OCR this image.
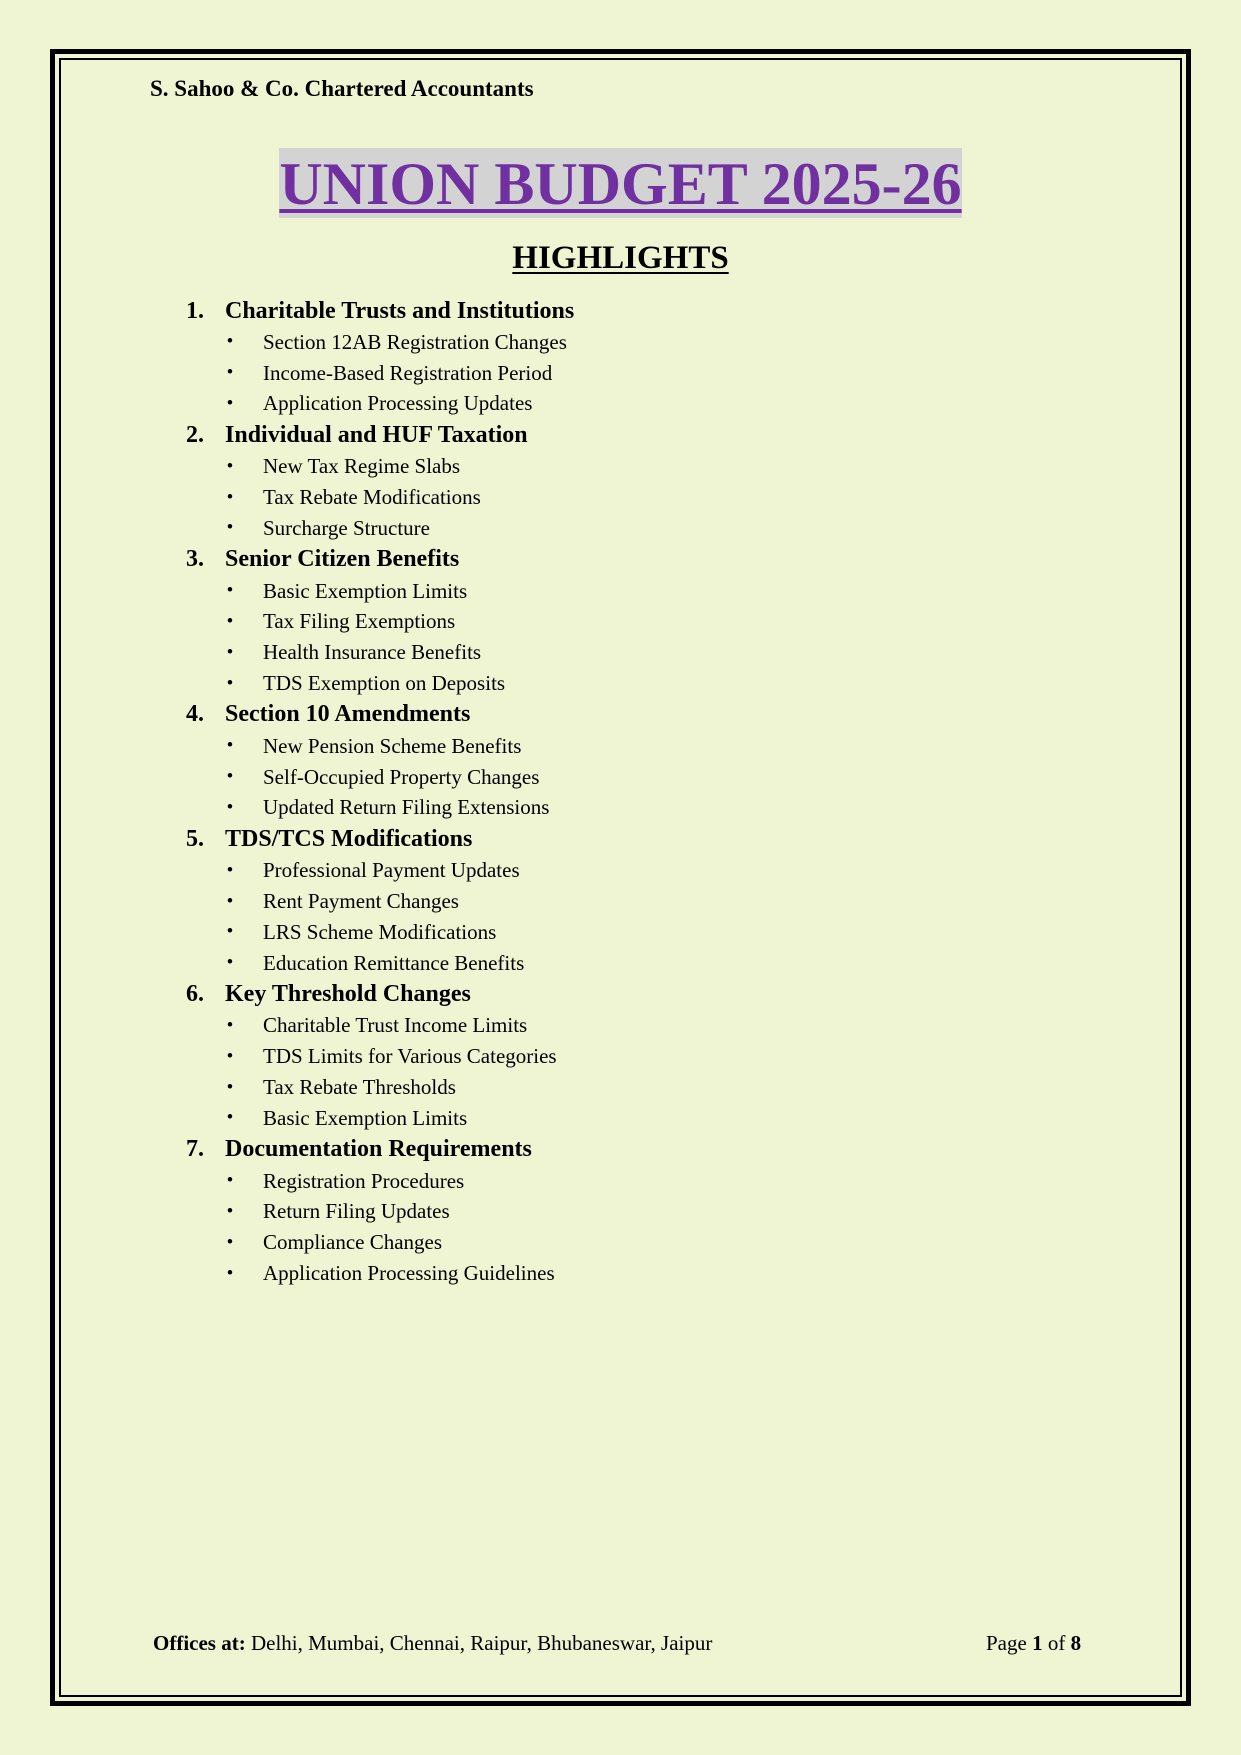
S. Sahoo & Co. Chartered Accountants
UNION BUDGET 2025-26
HIGHLIGHTS
1. Charitable Trusts and Institutions
• Section 12AB Registration Changes
• Income-Based Registration Period
• Application Processing Updates
2. Individual and HUF Taxation
• New Tax Regime Slabs
• Tax Rebate Modifications
• Surcharge Structure
3. Senior Citizen Benefits
• Basic Exemption Limits
• Tax Filing Exemptions
• Health Insurance Benefits
• TDS Exemption on Deposits
4. Section 10 Amendments
• New Pension Scheme Benefits
• Self-Occupied Property Changes
• Updated Return Filing Extensions
5. TDS/TCS Modifications
• Professional Payment Updates
• Rent Payment Changes
• LRS Scheme Modifications
• Education Remittance Benefits
6. Key Threshold Changes
• Charitable Trust Income Limits
• TDS Limits for Various Categories
• Tax Rebate Thresholds
• Basic Exemption Limits
7. Documentation Requirements
• Registration Procedures
• Return Filing Updates
• Compliance Changes
• Application Processing Guidelines
Offices at: Delhi, Mumbai, Chennai, Raipur, Bhubaneswar, Jaipur	Page 1 of 8
